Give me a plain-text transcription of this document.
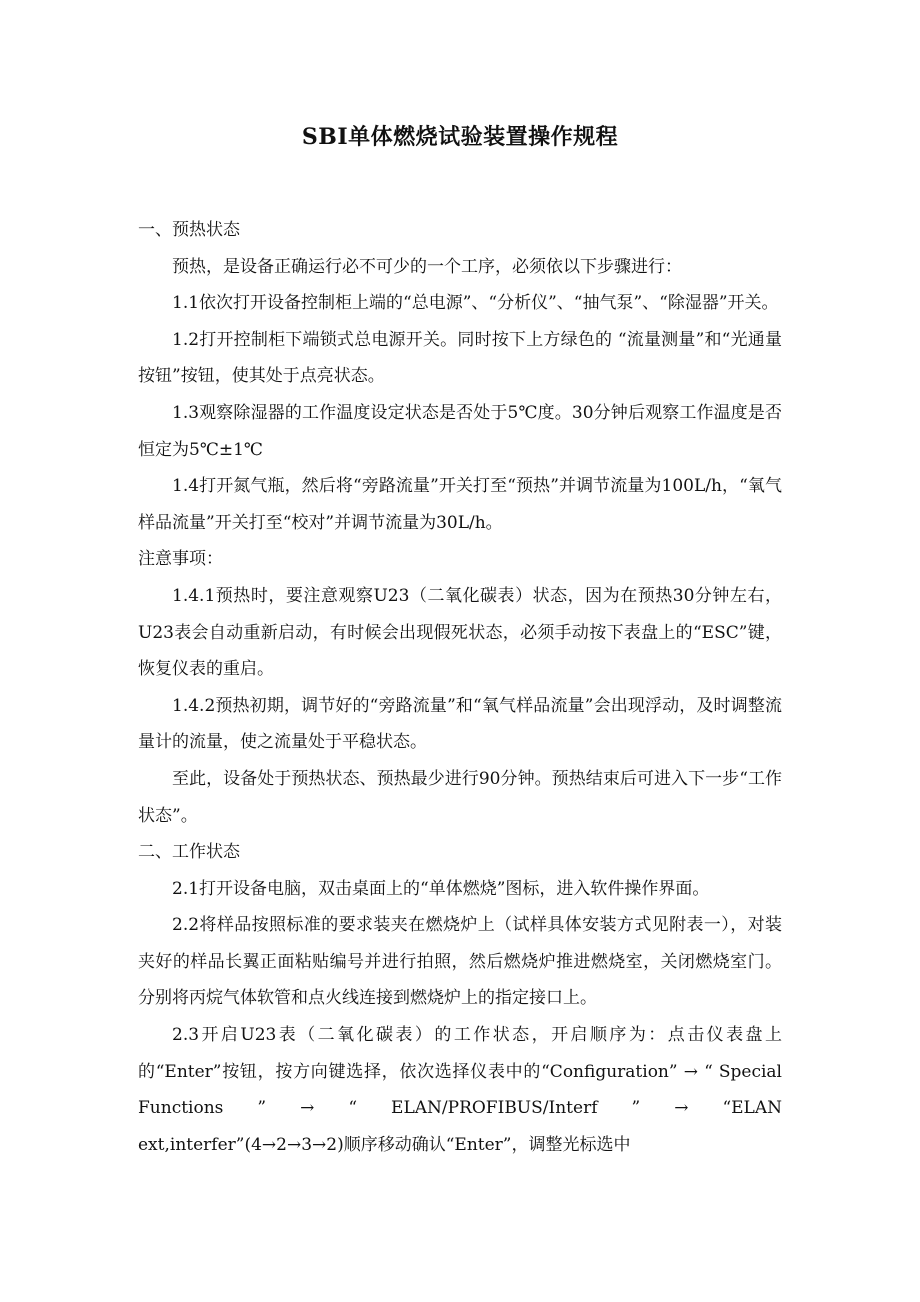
SBI单体燃烧试验装置操作规程

一、预热状态

预热，是设备正确运行必不可少的一个工序，必须依以下步骤进行：

1.1依次打开设备控制柜上端的“总电源”、“分析仪”、“抽气泵”、“除湿器”开关。

1.2打开控制柜下端锁式总电源开关。同时按下上方绿色的 “流量测量”和“光通量按钮”按钮，使其处于点亮状态。

1.3观察除湿器的工作温度设定状态是否处于5℃度。30分钟后观察工作温度是否恒定为5℃±1℃

1.4打开氮气瓶，然后将“旁路流量”开关打至“预热”并调节流量为100L/h，“氧气样品流量”开关打至“校对”并调节流量为30L/h。

注意事项：

1.4.1预热时，要注意观察U23（二氧化碳表）状态，因为在预热30分钟左右，U23表会自动重新启动，有时候会出现假死状态，必须手动按下表盘上的“ESC”键，恢复仪表的重启。

1.4.2预热初期，调节好的“旁路流量”和“氧气样品流量”会出现浮动，及时调整流量计的流量，使之流量处于平稳状态。

至此，设备处于预热状态、预热最少进行90分钟。预热结束后可进入下一步“工作状态”。

二、工作状态

2.1打开设备电脑，双击桌面上的“单体燃烧”图标，进入软件操作界面。

2.2将样品按照标准的要求装夹在燃烧炉上（试样具体安装方式见附表一），对装夹好的样品长翼正面粘贴编号并进行拍照，然后燃烧炉推进燃烧室，关闭燃烧室门。分别将丙烷气体软管和点火线连接到燃烧炉上的指定接口上。

2.3开启U23表（二氧化碳表）的工作状态，开启顺序为：点击仪表盘上的“Enter”按钮，按方向键选择，依次选择仪表中的“Configuration” → “ Special Functions ” → “ ELAN/PROFIBUS/Interf ” → “ELAN ext,interfer”(4→2→3→2)顺序移动确认“Enter”，调整光标选中
